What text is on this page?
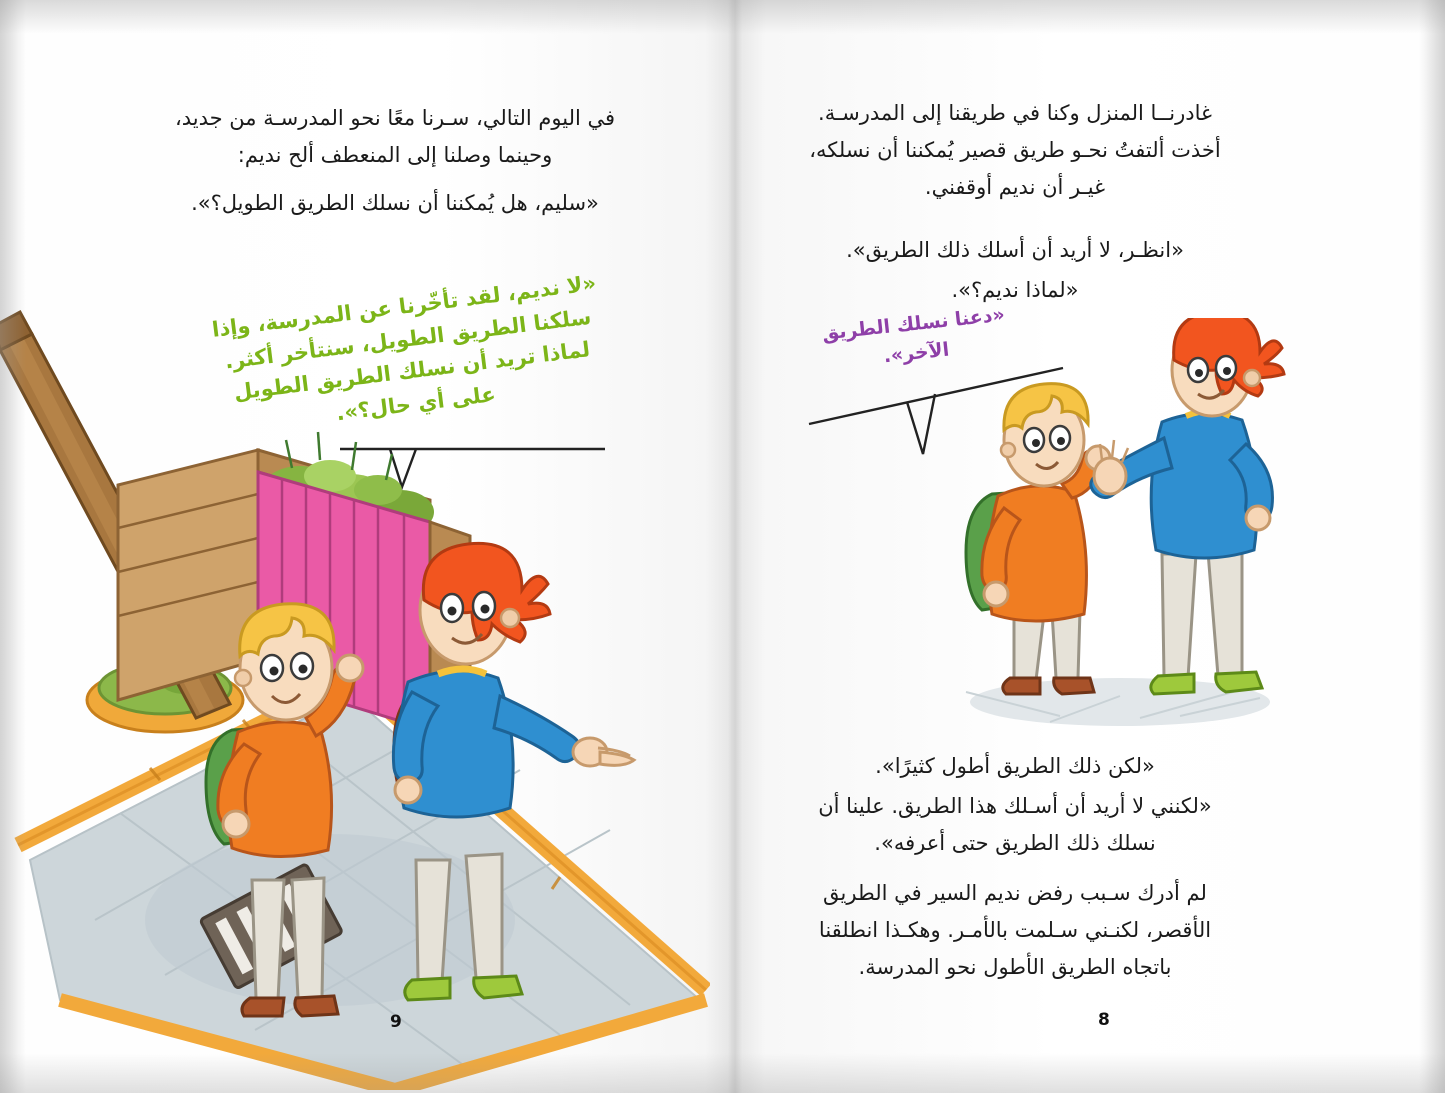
في اليوم التالي، سـرنا معًا نحو المدرسـة من جديد، وحينما وصلنا إلى المنعطف ألح نديم:
«سليم، هل يُمكننا أن نسلك الطريق الطويل؟».
«لا نديم، لقد تأخّرنا عن المدرسة، وإذا سلكنا الطريق الطويل، سنتأخر أكثر. لماذا تريد أن نسلك الطريق الطويل على أي حال؟».
9
غادرنــا المنزل وكنا في طريقنا إلى المدرسـة. أخذت ألتفتُ نحـو طريق قصير يُمكننا أن نسلكه، غيـر أن نديم أوقفني.
«انظـر، لا أريد أن أسلك ذلك الطريق».
«لماذا نديم؟».
«دعنا نسلك الطريق الآخر».
«لكن ذلك الطريق أطول كثيرًا».
«لكنني لا أريد أن أسـلك هذا الطريق. علينا أن نسلك ذلك الطريق حتى أعرفه».
لم أدرك سـبب رفض نديم السير في الطريق الأقصر، لكنـني سـلمت بالأمـر. وهكـذا انطلقنا باتجاه الطريق الأطول نحو المدرسة.
8
